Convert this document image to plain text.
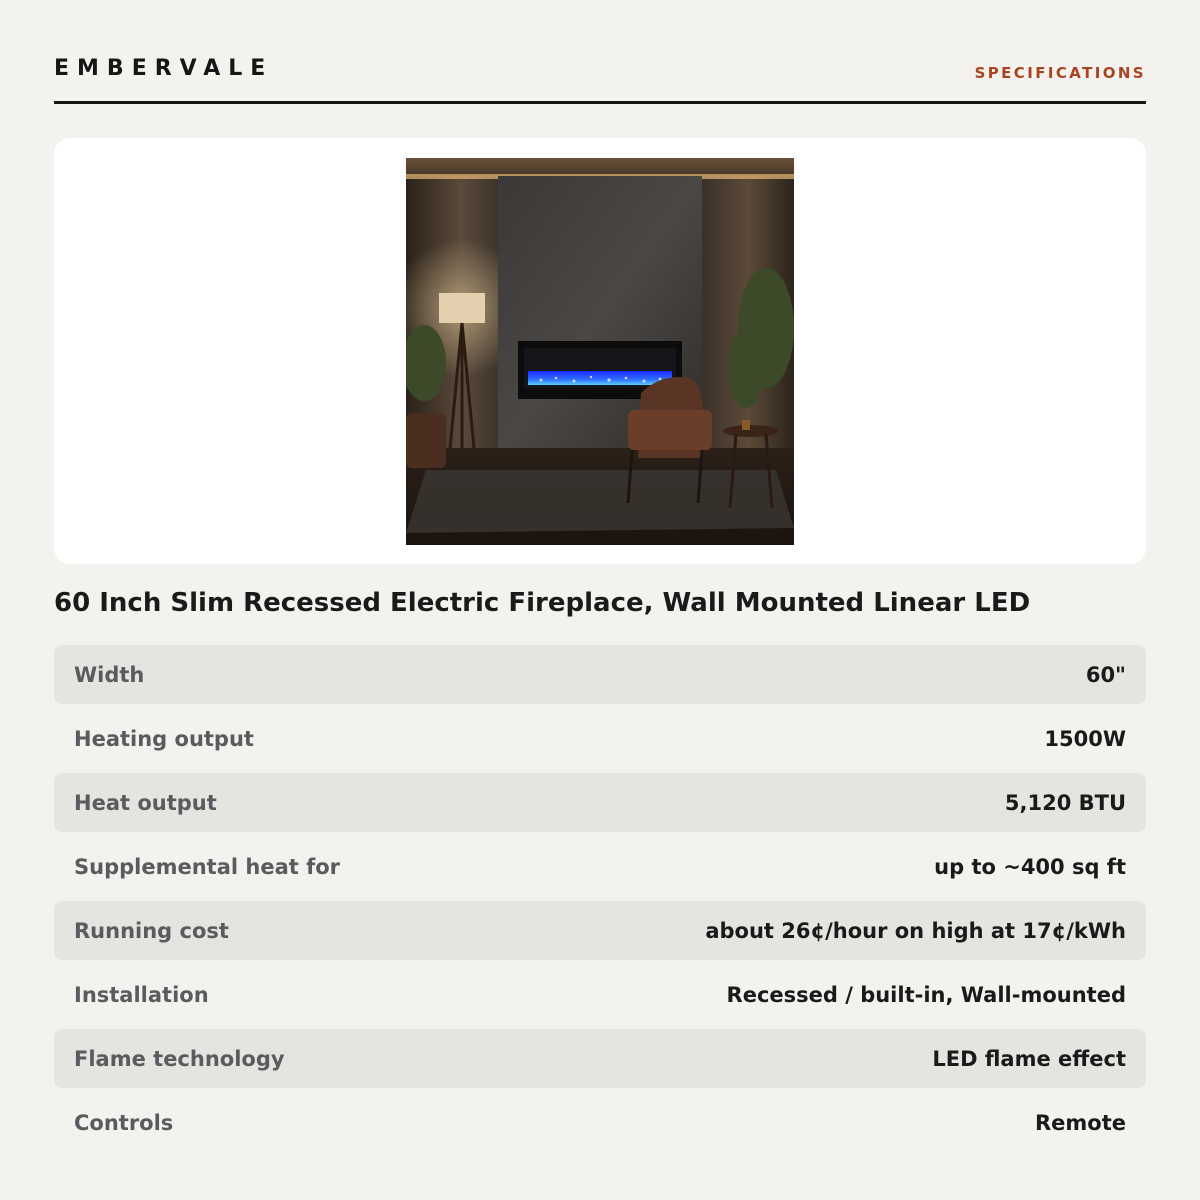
EMBERVALE	SPECIFICATIONS
60 Inch Slim Recessed Electric Fireplace, Wall Mounted Linear LED
Width	60"
Heating output	1500W
Heat output	5,120 BTU
Supplemental heat for	up to ~400 sq ft
Running cost	about 26¢/hour on high at 17¢/kWh
Installation	Recessed / built-in, Wall-mounted
Flame technology	LED flame effect
Controls	Remote
